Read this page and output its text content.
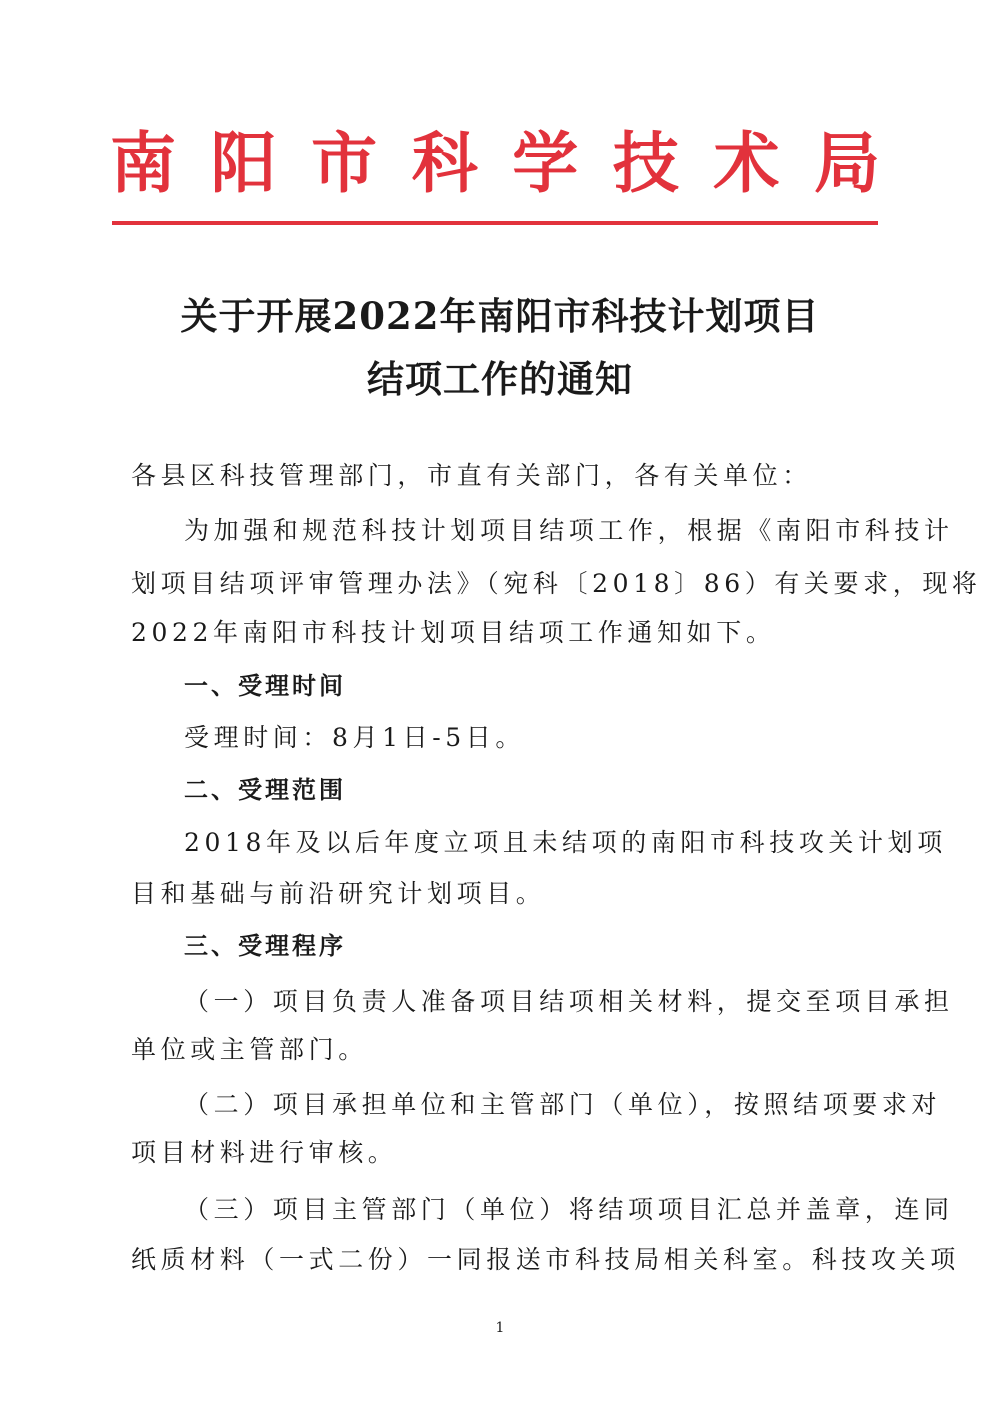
南 阳 市 科 学 技 术 局
关于开展2022年南阳市科技计划项目
结项工作的通知
各县区科技管理部门，市直有关部门，各有关单位：
为加强和规范科技计划项目结项工作，根据《南阳市科技计
划项目结项评审管理办法》（宛科〔2018〕86）有关要求，现将
2022年南阳市科技计划项目结项工作通知如下。
一、受理时间
受理时间：8月1日-5日。
二、受理范围
2018年及以后年度立项且未结项的南阳市科技攻关计划项
目和基础与前沿研究计划项目。
三、受理程序
（一）项目负责人准备项目结项相关材料，提交至项目承担
单位或主管部门。
（二）项目承担单位和主管部门（单位），按照结项要求对
项目材料进行审核。
（三）项目主管部门（单位）将结项项目汇总并盖章，连同
纸质材料（一式二份）一同报送市科技局相关科室。科技攻关项
1
